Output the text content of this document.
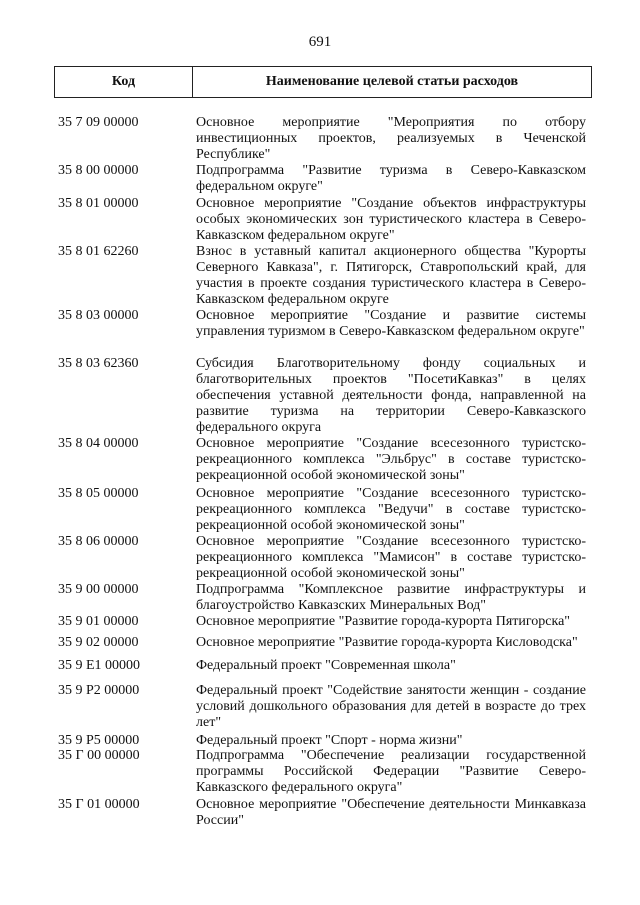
691
Код	Наименование целевой статьи расходов
35 7 09 00000	Основное мероприятие "Мероприятия по отбору инвестиционных проектов, реализуемых в Чеченской Республике"
35 8 00 00000	Подпрограмма "Развитие туризма в Северо-Кавказском федеральном округе"
35 8 01 00000	Основное мероприятие "Создание объектов инфраструктуры особых экономических зон туристического кластера в Северо-Кавказском федеральном округе"
35 8 01 62260	Взнос в уставный капитал акционерного общества "Курорты Северного Кавказа", г. Пятигорск, Ставропольский край, для участия в проекте создания туристического кластера в Северо-Кавказском федеральном округе
35 8 03 00000	Основное мероприятие "Создание и развитие системы управления туризмом в Северо-Кавказском федеральном округе"
35 8 03 62360	Субсидия Благотворительному фонду социальных и благотворительных проектов "ПосетиКавказ" в целях обеспечения уставной деятельности фонда, направленной на развитие туризма на территории Северо-Кавказского федерального округа
35 8 04 00000	Основное мероприятие "Создание всесезонного туристско-рекреационного комплекса "Эльбрус" в составе туристско-рекреационной особой экономической зоны"
35 8 05 00000	Основное мероприятие "Создание всесезонного туристско-рекреационного комплекса "Ведучи" в составе туристско-рекреационной особой экономической зоны"
35 8 06 00000	Основное мероприятие "Создание всесезонного туристско-рекреационного комплекса "Мамисон" в составе туристско-рекреационной особой экономической зоны"
35 9 00 00000	Подпрограмма "Комплексное развитие инфраструктуры и благоустройство Кавказских Минеральных Вод"
35 9 01 00000	Основное мероприятие "Развитие города-курорта Пятигорска"
35 9 02 00000	Основное мероприятие "Развитие города-курорта Кисловодска"
35 9 E1 00000	Федеральный проект "Современная школа"
35 9 P2 00000	Федеральный проект "Содействие занятости женщин - создание условий дошкольного образования для детей в возрасте до трех лет"
35 9 P5 00000	Федеральный проект "Спорт - норма жизни"
35 Г 00 00000	Подпрограмма "Обеспечение реализации государственной программы Российской Федерации "Развитие Северо-Кавказского федерального округа"
35 Г 01 00000	Основное мероприятие "Обеспечение деятельности Минкавказа России"
